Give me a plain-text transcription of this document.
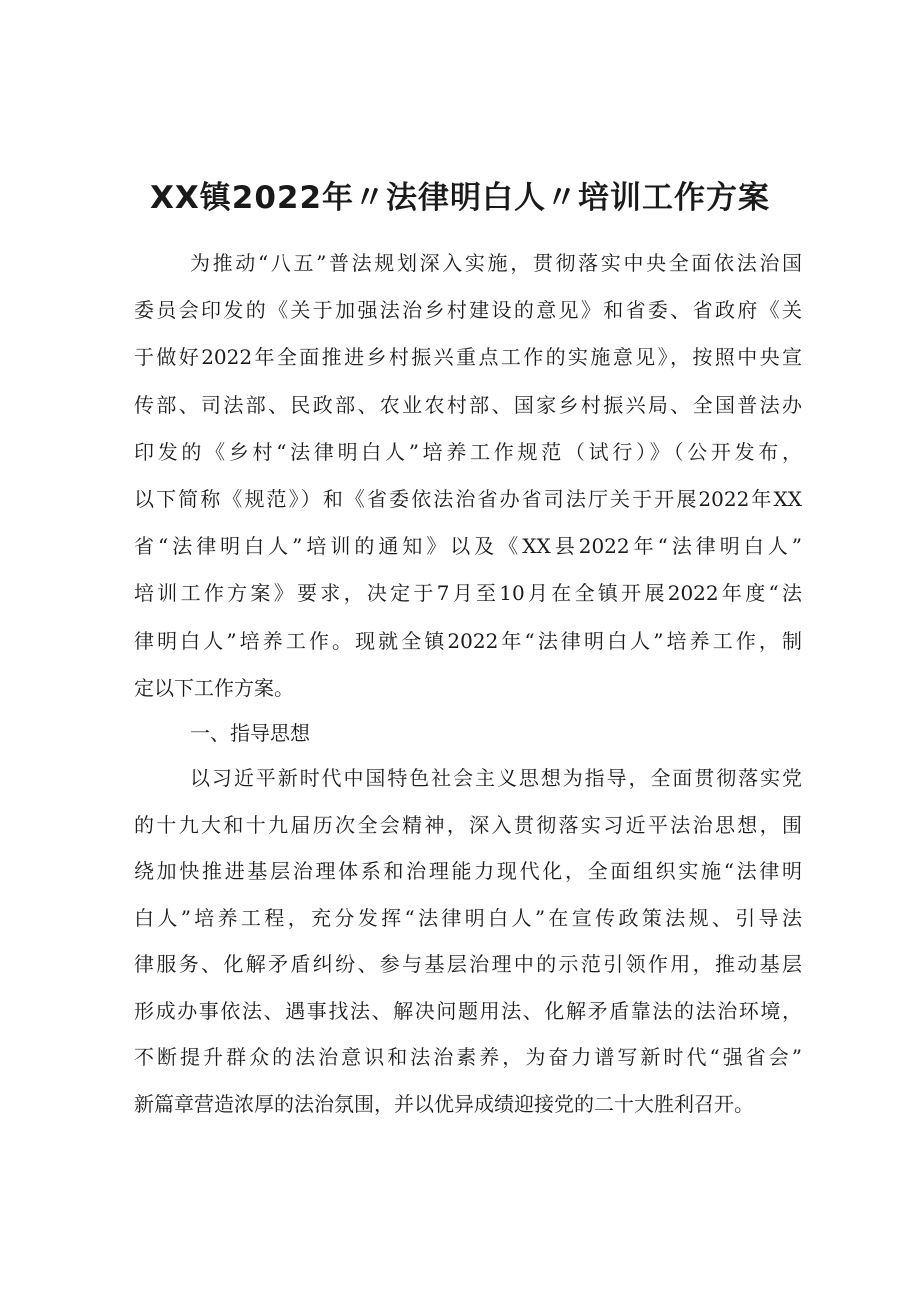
XX镇2022年〃法律明白人〃培训工作方案
为推动“八五”普法规划深入实施，贯彻落实中央全面依法治国
委员会印发的《关于加强法治乡村建设的意见》和省委、省政府《关
于做好2022年全面推进乡村振兴重点工作的实施意见》，按照中央宣
传部、司法部、民政部、农业农村部、国家乡村振兴局、全国普法办
印发的《乡村“法律明白人”培养工作规范（试行）》（公开发布，
以下简称《规范》）和《省委依法治省办省司法厅关于开展2022年XX
省“法律明白人”培训的通知》以及《XX县2022年“法律明白人”
培训工作方案》要求，决定于7月至10月在全镇开展2022年度“法
律明白人”培养工作。现就全镇2022年“法律明白人”培养工作，制
定以下工作方案。
一、指导思想
以习近平新时代中国特色社会主义思想为指导，全面贯彻落实党
的十九大和十九届历次全会精神，深入贯彻落实习近平法治思想，围
绕加快推进基层治理体系和治理能力现代化，全面组织实施“法律明
白人”培养工程，充分发挥“法律明白人”在宣传政策法规、引导法
律服务、化解矛盾纠纷、参与基层治理中的示范引领作用，推动基层
形成办事依法、遇事找法、解决问题用法、化解矛盾靠法的法治环境，
不断提升群众的法治意识和法治素养，为奋力谱写新时代“强省会”
新篇章营造浓厚的法治氛围，并以优异成绩迎接党的二十大胜利召开。
